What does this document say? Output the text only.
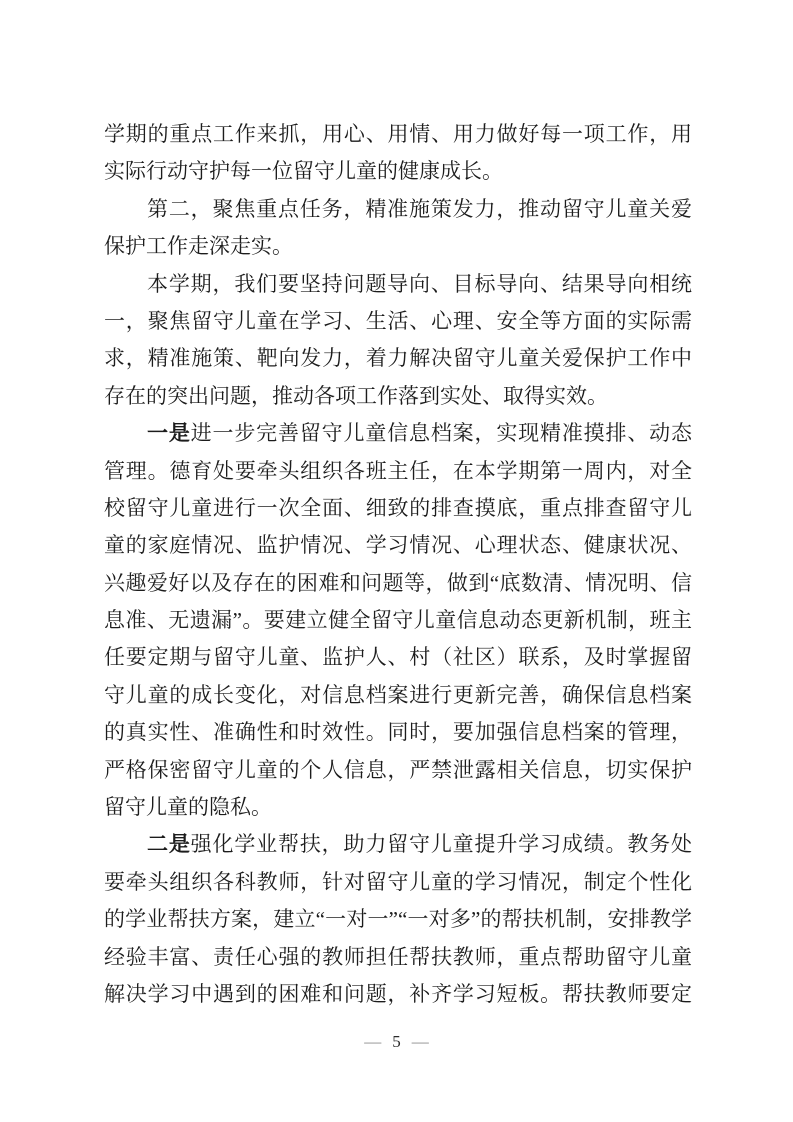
学期的重点工作来抓，用心、用情、用力做好每一项工作，用
实际行动守护每一位留守儿童的健康成长。
第二，聚焦重点任务，精准施策发力，推动留守儿童关爱
保护工作走深走实。
本学期，我们要坚持问题导向、目标导向、结果导向相统
一，聚焦留守儿童在学习、生活、心理、安全等方面的实际需
求，精准施策、靶向发力，着力解决留守儿童关爱保护工作中
存在的突出问题，推动各项工作落到实处、取得实效。
一是进一步完善留守儿童信息档案，实现精准摸排、动态
管理。德育处要牵头组织各班主任，在本学期第一周内，对全
校留守儿童进行一次全面、细致的排查摸底，重点排查留守儿
童的家庭情况、监护情况、学习情况、心理状态、健康状况、
兴趣爱好以及存在的困难和问题等，做到“底数清、情况明、信
息准、无遗漏”。要建立健全留守儿童信息动态更新机制，班主
任要定期与留守儿童、监护人、村（社区）联系，及时掌握留
守儿童的成长变化，对信息档案进行更新完善，确保信息档案
的真实性、准确性和时效性。同时，要加强信息档案的管理，
严格保密留守儿童的个人信息，严禁泄露相关信息，切实保护
留守儿童的隐私。
二是强化学业帮扶，助力留守儿童提升学习成绩。教务处
要牵头组织各科教师，针对留守儿童的学习情况，制定个性化
的学业帮扶方案，建立“一对一”“一对多”的帮扶机制，安排教学
经验丰富、责任心强的教师担任帮扶教师，重点帮助留守儿童
解决学习中遇到的困难和问题，补齐学习短板。帮扶教师要定
— 5 —
